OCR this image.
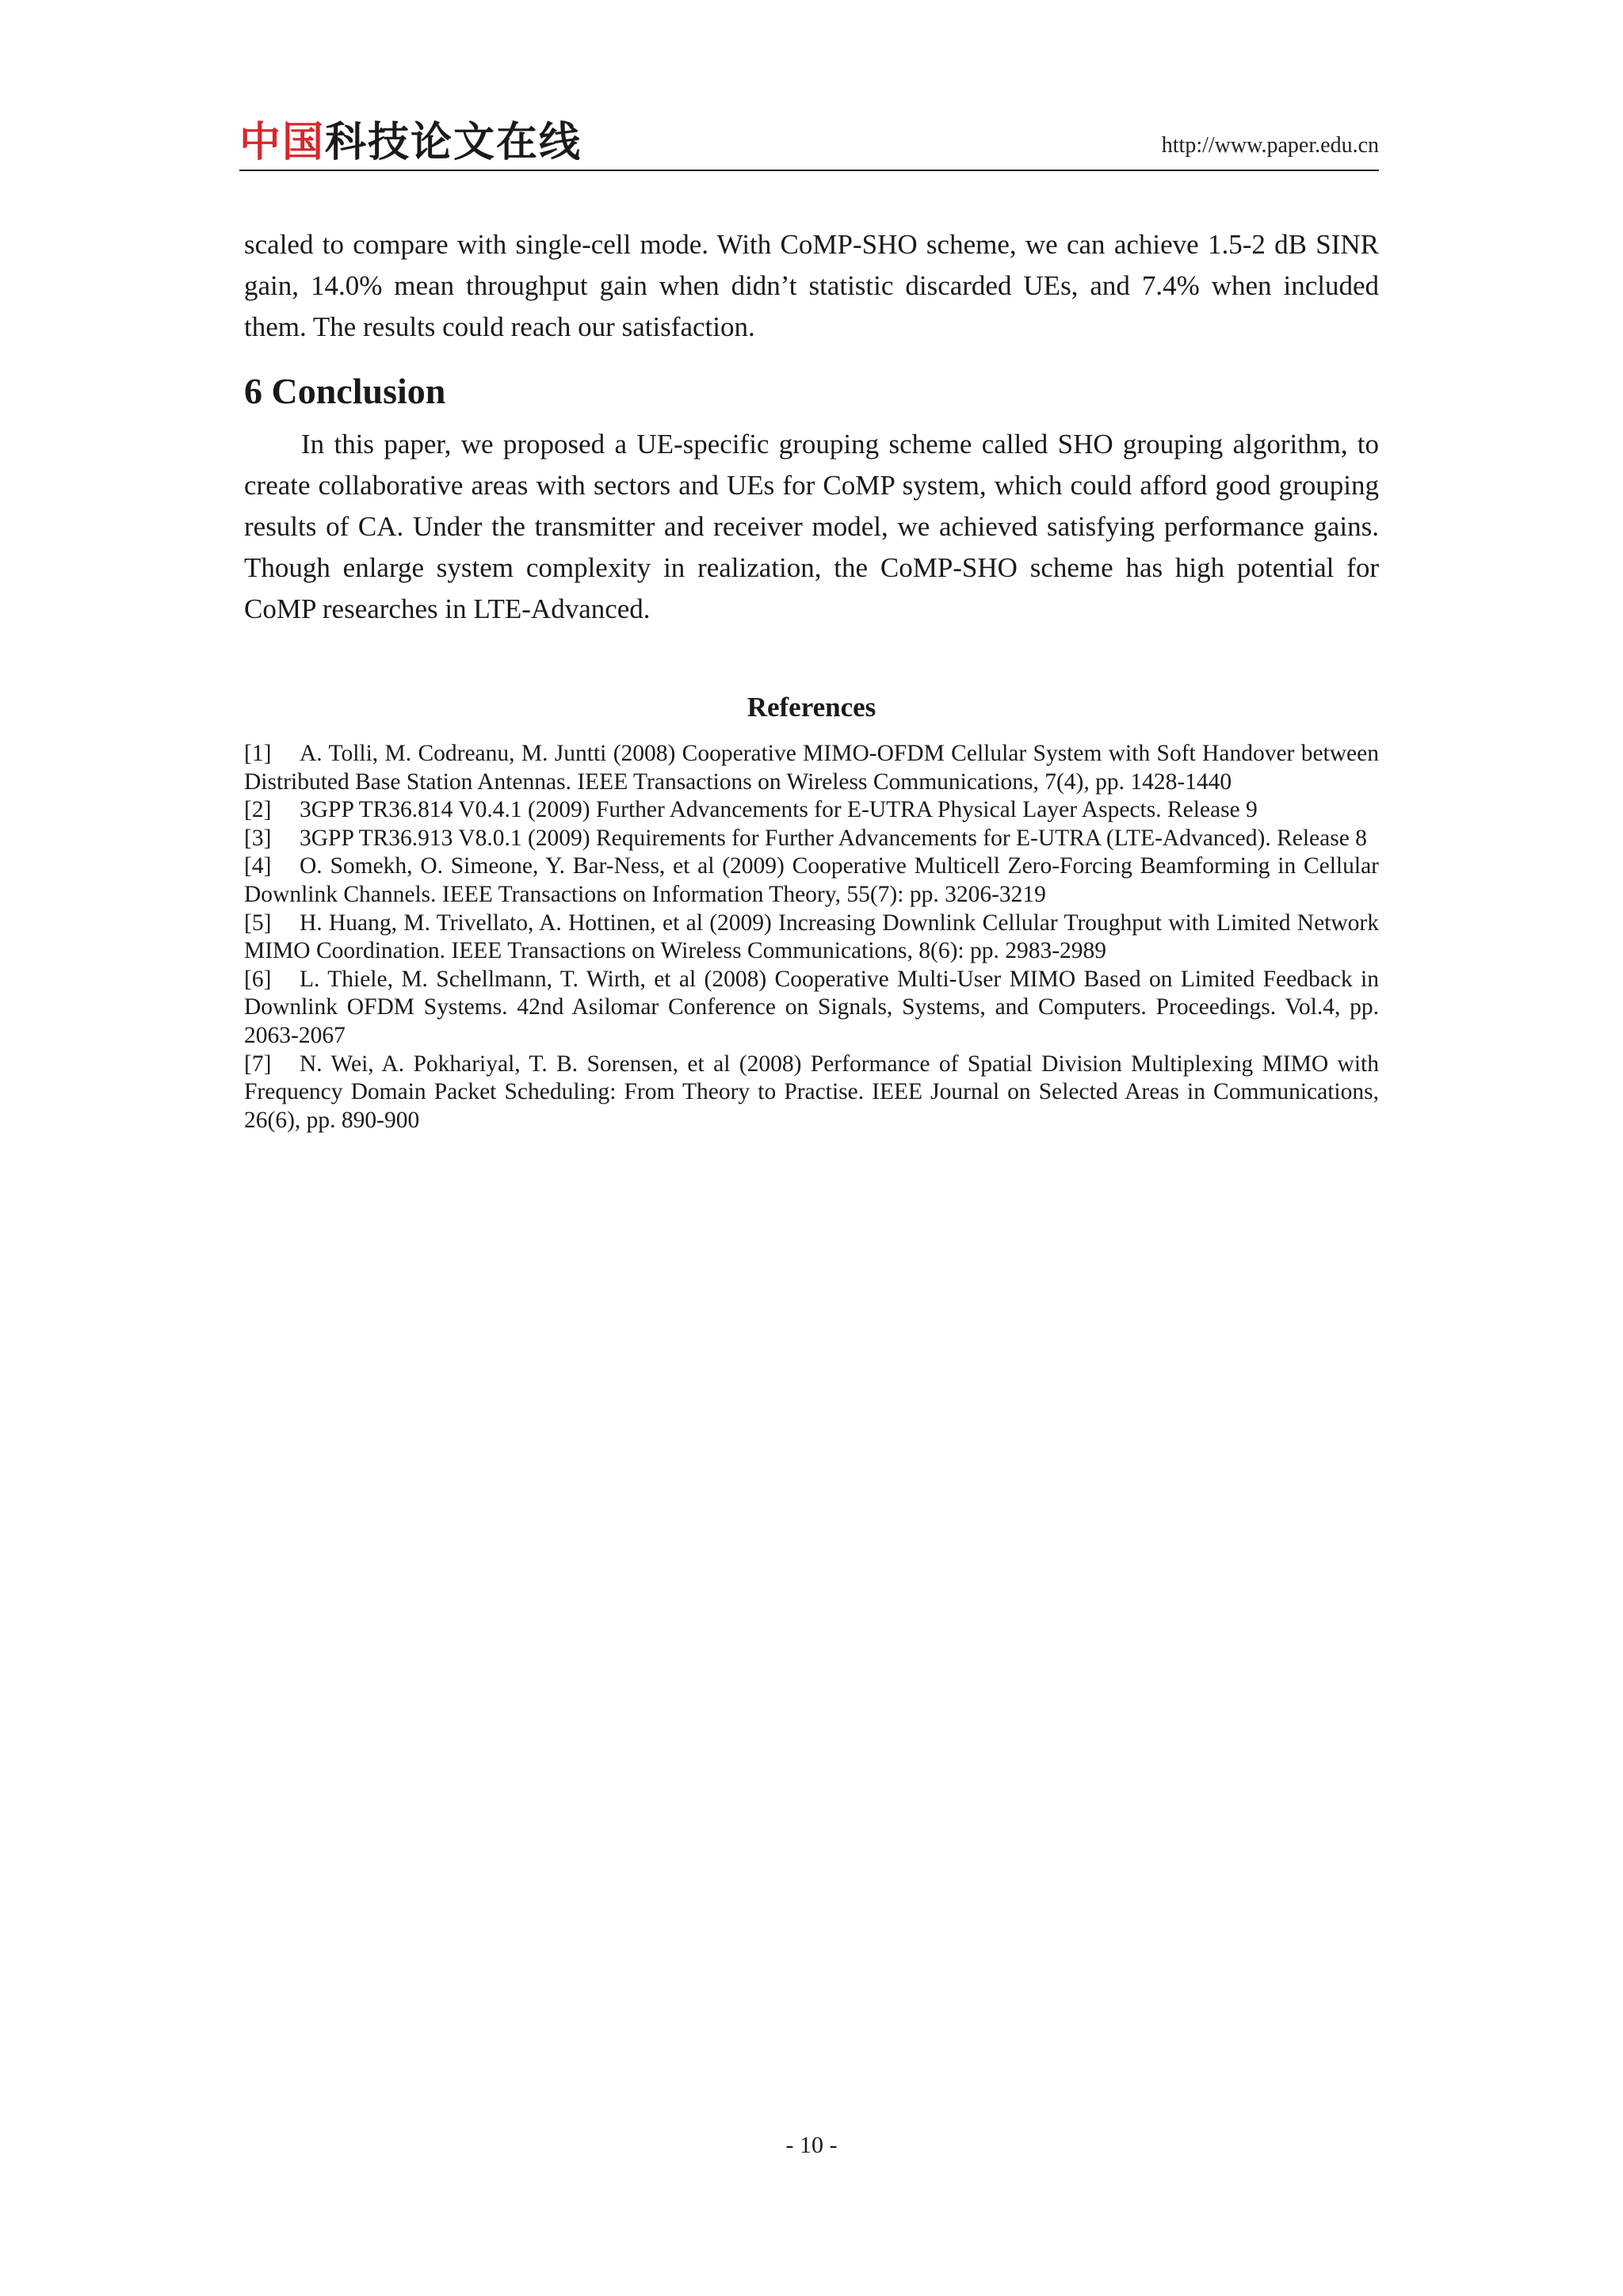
中国科技论文在线	http://www.paper.edu.cn

scaled to compare with single-cell mode. With CoMP-SHO scheme, we can achieve 1.5-2 dB SINR gain, 14.0% mean throughput gain when didn’t statistic discarded UEs, and 7.4% when included them. The results could reach our satisfaction.

6 Conclusion

In this paper, we proposed a UE-specific grouping scheme called SHO grouping algorithm, to create collaborative areas with sectors and UEs for CoMP system, which could afford good grouping results of CA. Under the transmitter and receiver model, we achieved satisfying performance gains. Though enlarge system complexity in realization, the CoMP-SHO scheme has high potential for CoMP researches in LTE-Advanced.

References
[1] A. Tolli, M. Codreanu, M. Juntti (2008) Cooperative MIMO-OFDM Cellular System with Soft Handover between Distributed Base Station Antennas. IEEE Transactions on Wireless Communications, 7(4), pp. 1428-1440
[2] 3GPP TR36.814 V0.4.1 (2009) Further Advancements for E-UTRA Physical Layer Aspects. Release 9
[3] 3GPP TR36.913 V8.0.1 (2009) Requirements for Further Advancements for E-UTRA (LTE-Advanced). Release 8
[4] O. Somekh, O. Simeone, Y. Bar-Ness, et al (2009) Cooperative Multicell Zero-Forcing Beamforming in Cellular Downlink Channels. IEEE Transactions on Information Theory, 55(7): pp. 3206-3219
[5] H. Huang, M. Trivellato, A. Hottinen, et al (2009) Increasing Downlink Cellular Troughput with Limited Network MIMO Coordination. IEEE Transactions on Wireless Communications, 8(6): pp. 2983-2989
[6] L. Thiele, M. Schellmann, T. Wirth, et al (2008) Cooperative Multi-User MIMO Based on Limited Feedback in Downlink OFDM Systems. 42nd Asilomar Conference on Signals, Systems, and Computers. Proceedings. Vol.4, pp. 2063-2067
[7] N. Wei, A. Pokhariyal, T. B. Sorensen, et al (2008) Performance of Spatial Division Multiplexing MIMO with Frequency Domain Packet Scheduling: From Theory to Practise. IEEE Journal on Selected Areas in Communications, 26(6), pp. 890-900
- 10 -
